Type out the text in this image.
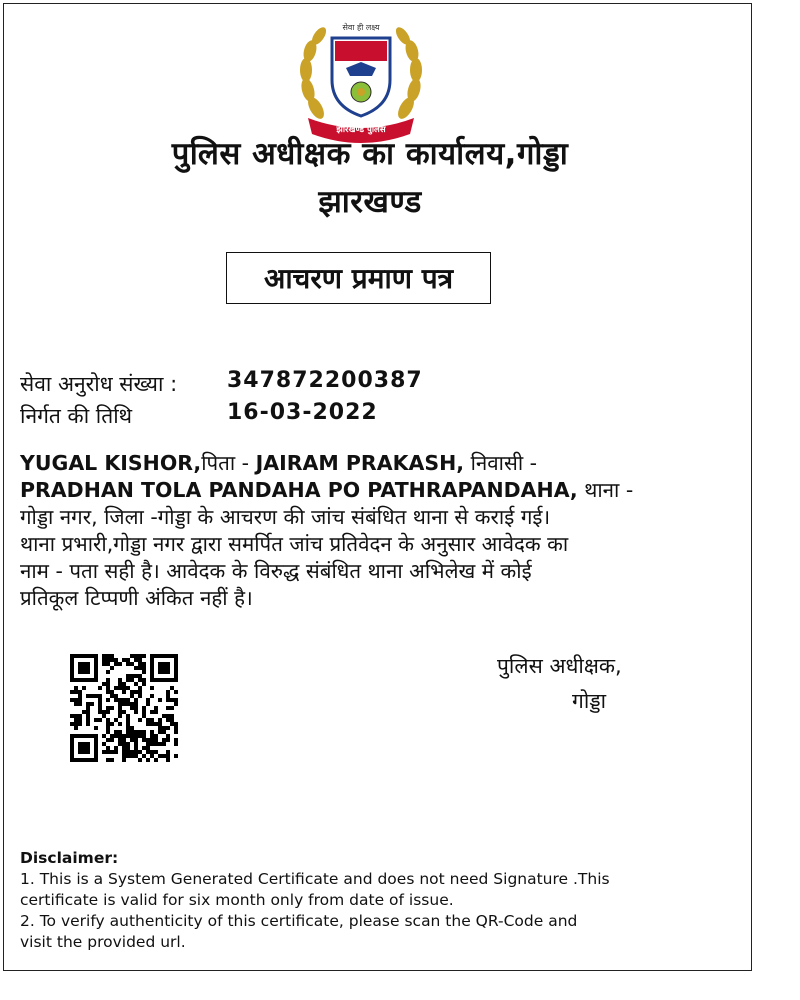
सेवा ही लक्ष्य
झारखण्ड पुलिस
पुलिस अधीक्षक का कार्यालय,गोड्डा
झारखण्ड
आचरण प्रमाण पत्र
सेवा अनुरोध संख्या : 347872200387
निर्गत की तिथि	16-03-2022
YUGAL KISHOR,पिता - JAIRAM PRAKASH, निवासी -
PRADHAN TOLA PANDAHA PO PATHRAPANDAHA, थाना -
गोड्डा नगर, जिला -गोड्डा के आचरण की जांच संबंधित थाना से कराई गई।
थाना प्रभारी,गोड्डा नगर द्वारा समर्पित जांच प्रतिवेदन के अनुसार आवेदक का
नाम - पता सही है। आवेदक के विरुद्ध संबंधित थाना अभिलेख में कोई
प्रतिकूल टिप्पणी अंकित नहीं है।
पुलिस अधीक्षक,
गोड्डा
Disclaimer:
1. This is a System Generated Certificate and does not need Signature .This
certificate is valid for six month only from date of issue.
2. To verify authenticity of this certificate, please scan the QR-Code and
visit the provided url.
